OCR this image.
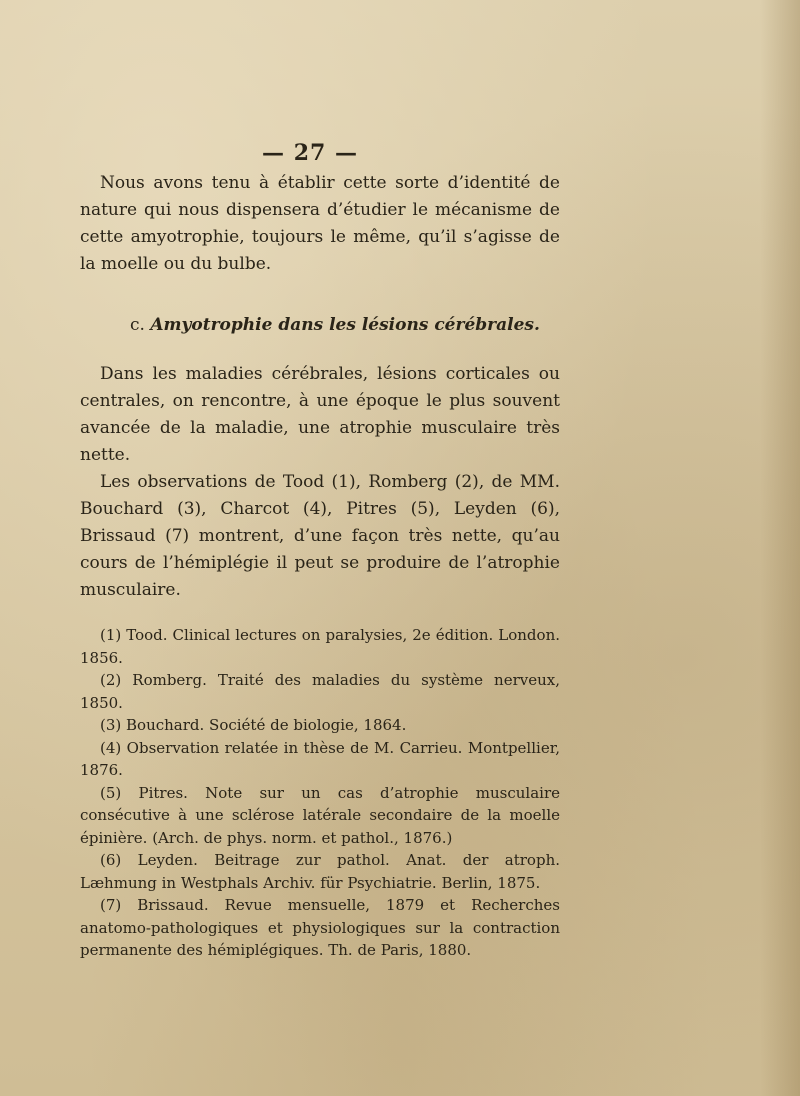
— 27 —

Nous avons tenu à établir cette sorte d’identité de nature qui nous dispensera d’étudier le mécanisme de cette amyotrophie, toujours le même, qu’il s’agisse de la moelle ou du bulbe.

c. Amyotrophie dans les lésions cérébrales.

Dans les maladies cérébrales, lésions corticales ou centrales, on rencontre, à une époque le plus souvent avancée de la maladie, une atrophie musculaire très nette.

Les observations de Tood (1), Romberg (2), de MM. Bouchard (3), Charcot (4), Pitres (5), Leyden (6), Brissaud (7) montrent, d’une façon très nette, qu’au cours de l’hémiplégie il peut se produire de l’atrophie musculaire.

(1) Tood. Clinical lectures on paralysies, 2e édition. London. 1856.

(2) Romberg. Traité des maladies du système nerveux, 1850.

(3) Bouchard. Société de biologie, 1864.

(4) Observation relatée in thèse de M. Carrieu. Montpellier, 1876.

(5) Pitres. Note sur un cas d’atrophie musculaire consécutive à une sclérose latérale secondaire de la moelle épinière. (Arch. de phys. norm. et pathol., 1876.)

(6) Leyden. Beitrage zur pathol. Anat. der atroph. Læhmung in Westphals Archiv. für Psychiatrie. Berlin, 1875.

(7) Brissaud. Revue mensuelle, 1879 et Recherches anatomo-pathologiques et physiologiques sur la contraction permanente des hémiplégiques. Th. de Paris, 1880.
